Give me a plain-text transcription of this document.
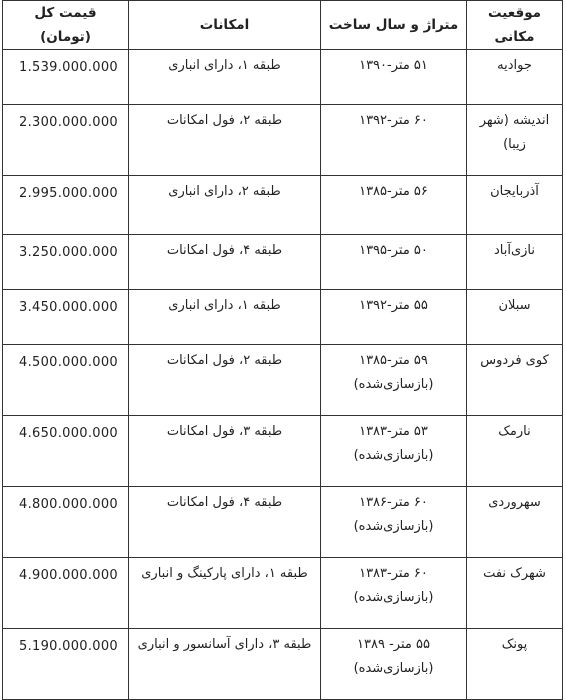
موقعیت مکانی	متراژ و سال ساخت	امکانات	قیمت کل (تومان)
جوادیه	۵۱ متر-۱۳۹۰	طبقه ۱، دارای انباری	1.539.000.000
اندیشه (شهر زیبا)	۶۰ متر-۱۳۹۲	طبقه ۲، فول امکانات	2.300.000.000
آذربایجان	۵۶ متر-۱۳۸۵	طبقه ۲، دارای انباری	2.995.000.000
نازی‌آباد	۵۰ متر-۱۳۹۵	طبقه ۴، فول امکانات	3.250.000.000
سبلان	۵۵ متر-۱۳۹۲	طبقه ۱، دارای انباری	3.450.000.000
کوی فردوس	۵۹ متر-۱۳۸۵ (بازسازی‌شده)	طبقه ۲، فول امکانات	4.500.000.000
نارمک	۵۳ متر-۱۳۸۳ (بازسازی‌شده)	طبقه ۳، فول امکانات	4.650.000.000
سهروردی	۶۰ متر-۱۳۸۶ (بازسازی‌شده)	طبقه ۴، فول امکانات	4.800.000.000
شهرک نفت	۶۰ متر-۱۳۸۳ (بازسازی‌شده)	طبقه ۱، دارای پارکینگ و انباری	4.900.000.000
پونک	۵۵ متر- ۱۳۸۹ (بازسازی‌شده)	طبقه ۳، دارای آسانسور و انباری	5.190.000.000
